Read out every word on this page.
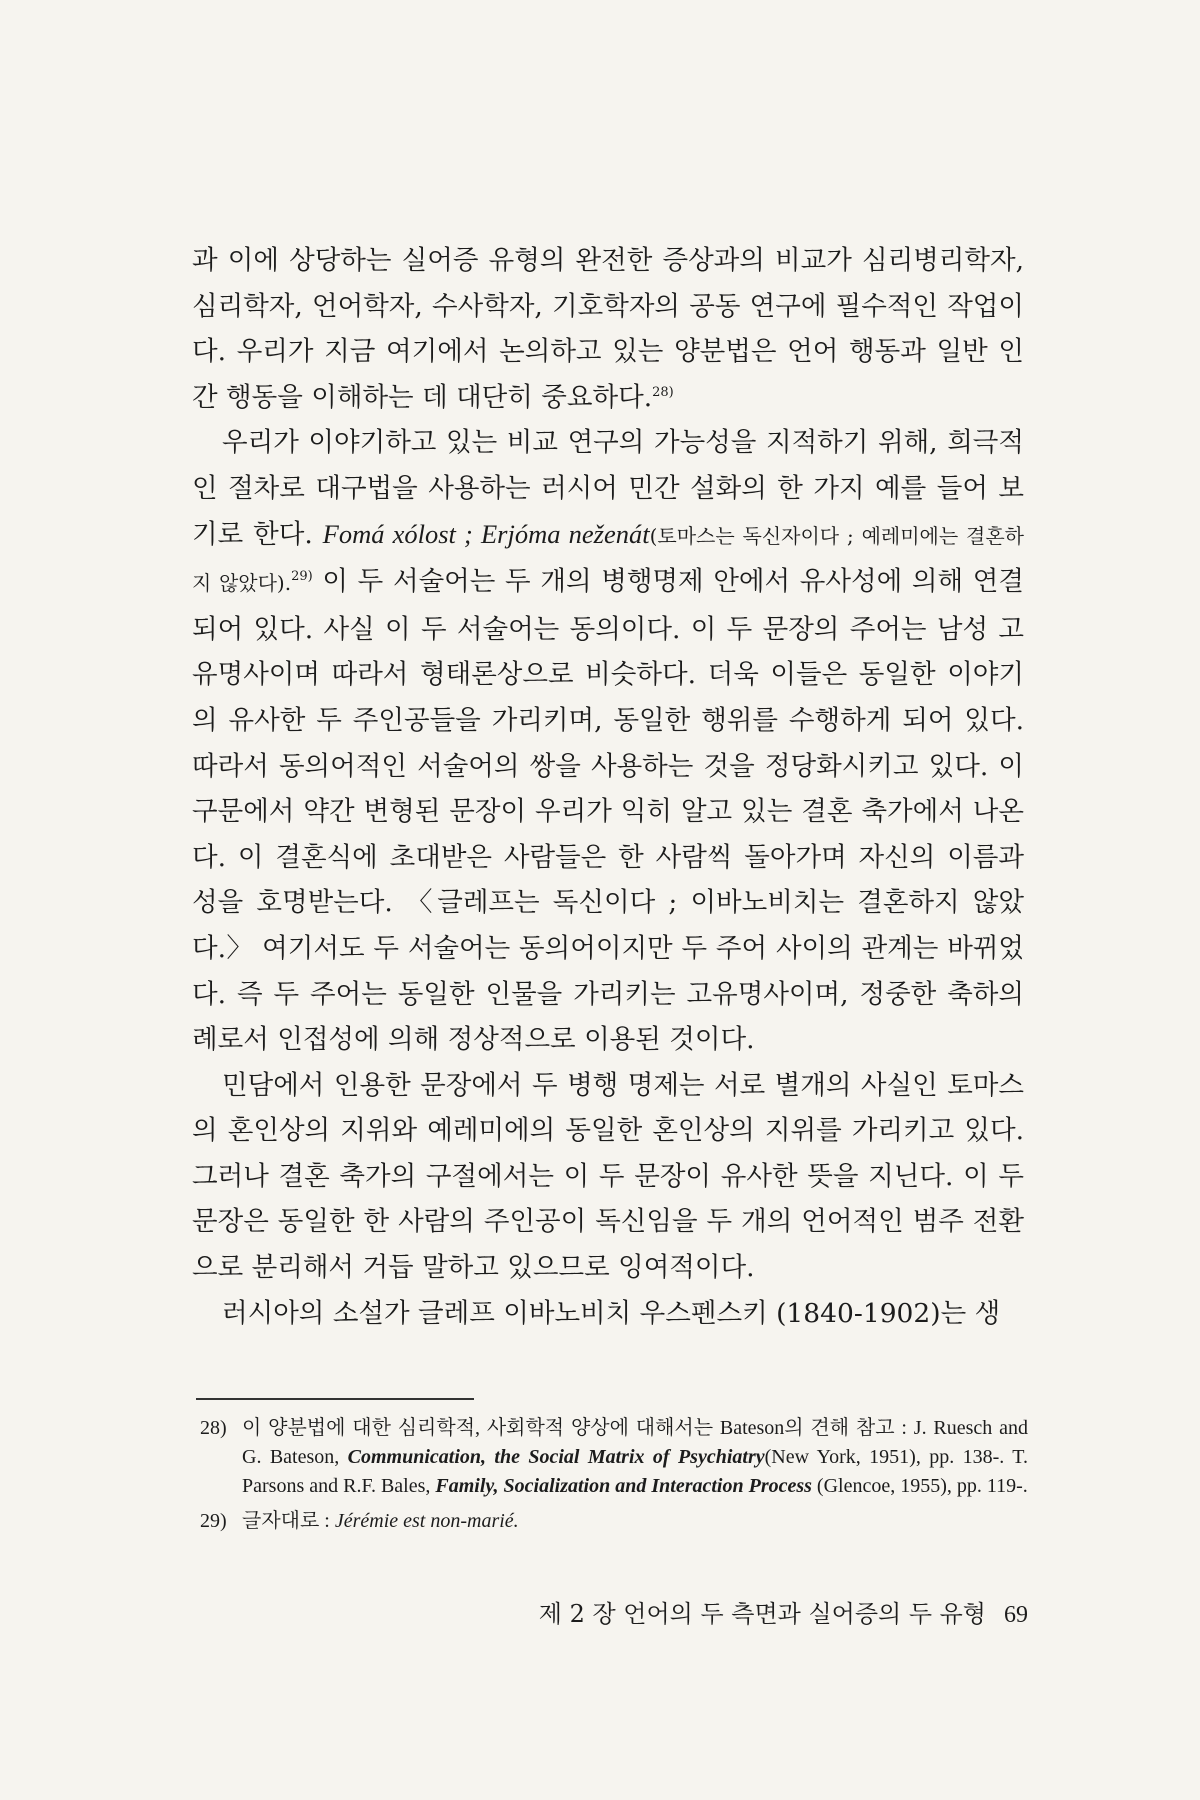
과 이에 상당하는 실어증 유형의 완전한 증상과의 비교가 심리병리학자, 심리학자, 언어학자, 수사학자, 기호학자의 공동 연구에 필수적인 작업이다. 우리가 지금 여기에서 논의하고 있는 양분법은 언어 행동과 일반 인간 행동을 이해하는 데 대단히 중요하다.$^{28)}$

우리가 이야기하고 있는 비교 연구의 가능성을 지적하기 위해, 희극적인 절차로 대구법을 사용하는 러시어 민간 설화의 한 가지 예를 들어 보기로 한다. Fomá xólost ; Erjóma neženát(토마스는 독신자이다 ; 예레미에는 결혼하지 않았다).$^{29)}$ 이 두 서술어는 두 개의 병행명제 안에서 유사성에 의해 연결되어 있다. 사실 이 두 서술어는 동의이다. 이 두 문장의 주어는 남성 고유명사이며 따라서 형태론상으로 비슷하다. 더욱 이들은 동일한 이야기의 유사한 두 주인공들을 가리키며, 동일한 행위를 수행하게 되어 있다. 따라서 동의어적인 서술어의 쌍을 사용하는 것을 정당화시키고 있다. 이 구문에서 약간 변형된 문장이 우리가 익히 알고 있는 결혼 축가에서 나온다. 이 결혼식에 초대받은 사람들은 한 사람씩 돌아가며 자신의 이름과 성을 호명받는다. 〈글레프는 독신이다 ; 이바노비치는 결혼하지 않았다.〉 여기서도 두 서술어는 동의어이지만 두 주어 사이의 관계는 바뀌었다. 즉 두 주어는 동일한 인물을 가리키는 고유명사이며, 정중한 축하의례로서 인접성에 의해 정상적으로 이용된 것이다.

민담에서 인용한 문장에서 두 병행 명제는 서로 별개의 사실인 토마스의 혼인상의 지위와 예레미에의 동일한 혼인상의 지위를 가리키고 있다. 그러나 결혼 축가의 구절에서는 이 두 문장이 유사한 뜻을 지닌다. 이 두 문장은 동일한 한 사람의 주인공이 독신임을 두 개의 언어적인 범주 전환으로 분리해서 거듭 말하고 있으므로 잉여적이다.

러시아의 소설가 글레프 이바노비치 우스펜스키 (1840-1902)는 생

28) 이 양분법에 대한 심리학적, 사회학적 양상에 대해서는 Bateson의 견해 참고 : J. Ruesch and G. Bateson, Communication, the Social Matrix of Psychiatry(New York, 1951), pp. 138-. T. Parsons and R.F. Bales, Family, Socialization and Interaction Process (Glencoe, 1955), pp. 119-.
29) 글자대로 : Jérémie est non-marié.
제 2 장 언어의 두 측면과 실어증의 두 유형 69
